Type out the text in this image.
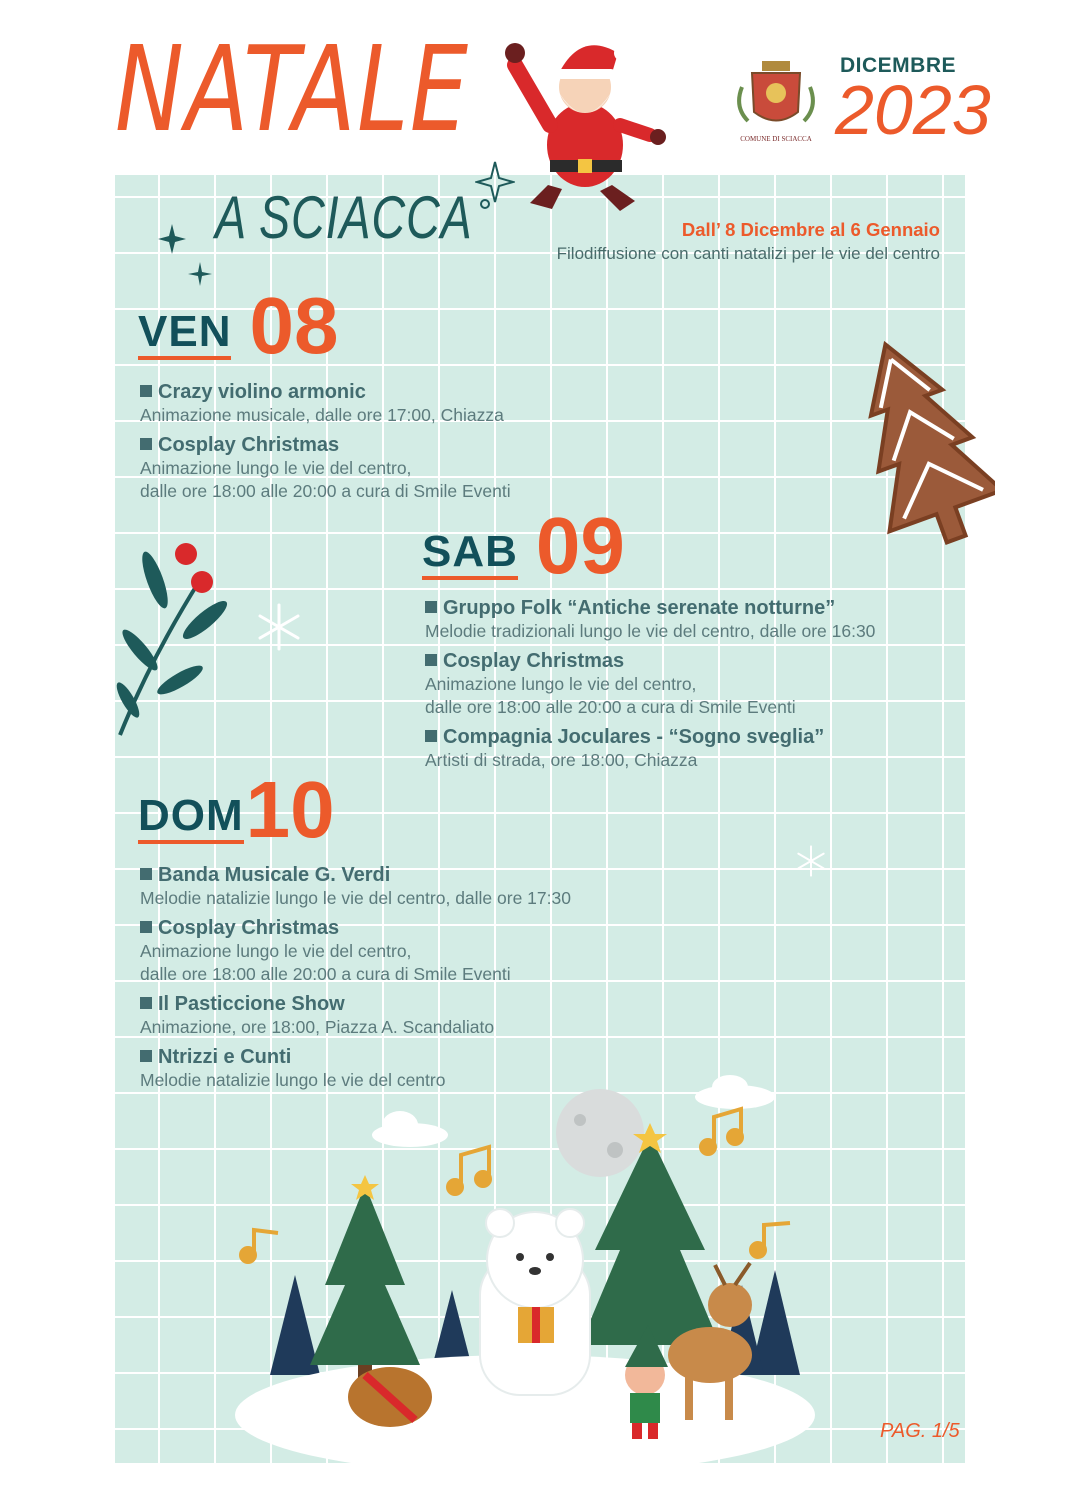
NATALE
A SCIACCA
COMUNE DI SCIACCA
DICEMBRE
2023
Dall’ 8 Dicembre al 6 Gennaio
Filodiffusione con canti natalizi per le vie del centro
VEN 08
Crazy violino armonic
Animazione musicale, dalle ore 17:00, Chiazza
Cosplay Christmas
Animazione lungo le vie del centro,
dalle ore 18:00 alle 20:00 a cura di Smile Eventi
SAB 09
Gruppo Folk “Antiche serenate notturne”
Melodie tradizionali lungo le vie del centro, dalle ore 16:30
Cosplay Christmas
Animazione lungo le vie del centro,
dalle ore 18:00 alle 20:00 a cura di Smile Eventi
Compagnia Joculares - “Sogno sveglia”
Artisti di strada, ore 18:00, Chiazza
DOM10
Banda Musicale G. Verdi
Melodie natalizie lungo le vie del centro, dalle ore 17:30
Cosplay Christmas
Animazione lungo le vie del centro,
dalle ore 18:00 alle 20:00 a cura di Smile Eventi
Il Pasticcione Show
Animazione, ore 18:00, Piazza A. Scandaliato
Ntrizzi e Cunti
Melodie natalizie lungo le vie del centro
PAG. 1/5
